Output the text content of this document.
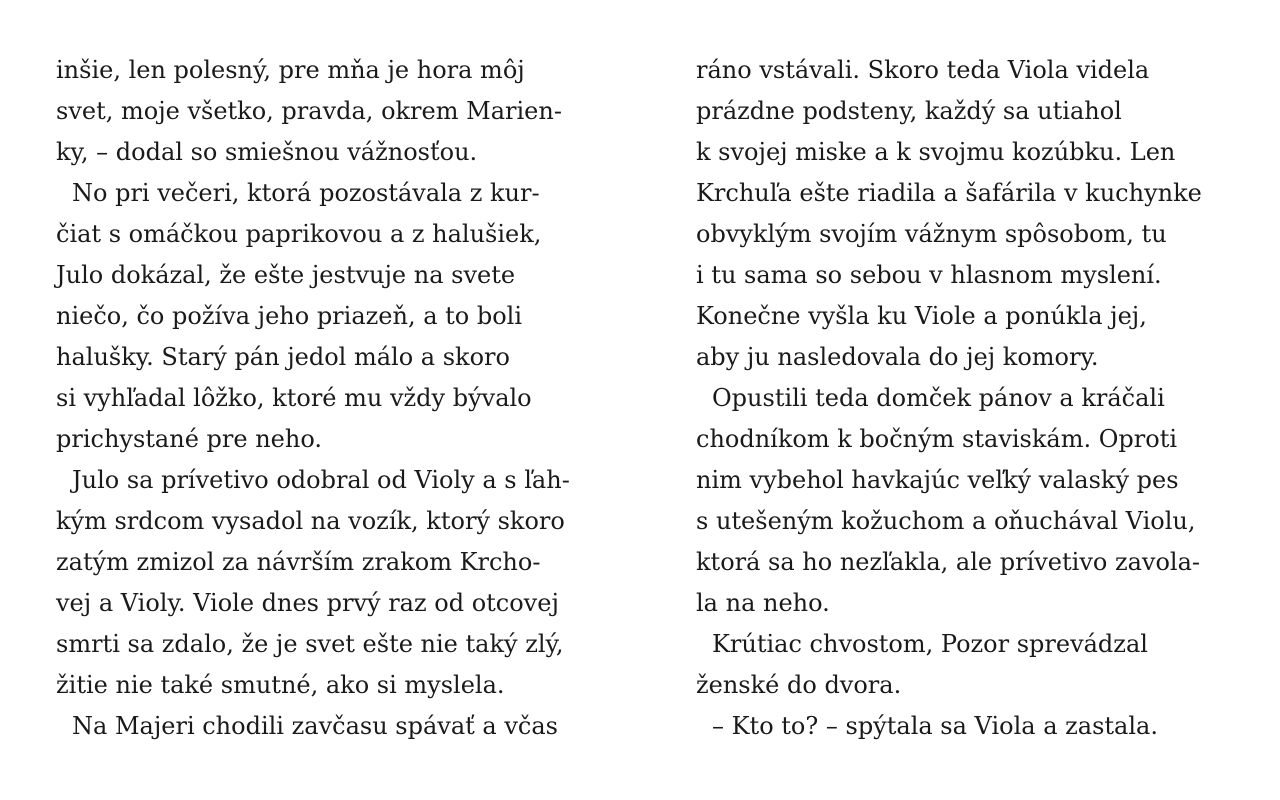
inšie, len polesný, pre mňa je hora môj
svet, moje všetko, pravda, okrem Marien-
ky, – dodal so smiešnou vážnosťou.
No pri večeri, ktorá pozostávala z kur-
čiat s omáčkou paprikovou a z halušiek,
Julo dokázal, že ešte jestvuje na svete
niečo, čo požíva jeho priazeň, a to boli
halušky. Starý pán jedol málo a skoro
si vyhľadal lôžko, ktoré mu vždy bývalo
prichystané pre neho.
Julo sa prívetivo odobral od Violy a s ľah-
kým srdcom vysadol na vozík, ktorý skoro
zatým zmizol za návrším zrakom Krcho-
vej a Violy. Viole dnes prvý raz od otcovej
smrti sa zdalo, že je svet ešte nie taký zlý,
žitie nie také smutné, ako si myslela.
Na Majeri chodili zavčasu spávať a včas
ráno vstávali. Skoro teda Viola videla
prázdne podsteny, každý sa utiahol
k svojej miske a k svojmu kozúbku. Len
Krchuľa ešte riadila a šafárila v kuchynke
obvyklým svojím vážnym spôsobom, tu
i tu sama so sebou v hlasnom myslení.
Konečne vyšla ku Viole a ponúkla jej,
aby ju nasledovala do jej komory.
Opustili teda domček pánov a kráčali
chodníkom k bočným staviskám. Oproti
nim vybehol havkajúc veľký valaský pes
s utešeným kožuchom a oňuchával Violu,
ktorá sa ho nezľakla, ale prívetivo zavola-
la na neho.
Krútiac chvostom, Pozor sprevádzal
ženské do dvora.
– Kto to? – spýtala sa Viola a zastala.
